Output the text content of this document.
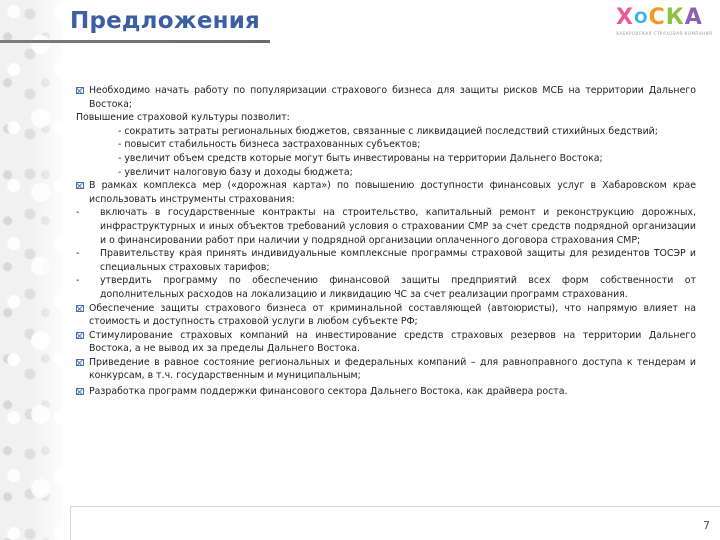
Предложения	Х О С К А
ХАБАРОВСКАЯ СТРАХОВАЯ КОМПАНИЯ
Необходимо начать работу по популяризации страхового бизнеса для защиты рисков МСБ на территории Дальнего Востока;
Повышение страховой культуры позволит:
- сократить затраты региональных бюджетов, связанные с ликвидацией последствий стихийных бедствий;
- повысит стабильность бизнеса застрахованных субъектов;
- увеличит объем средств которые могут быть инвестированы на территории Дальнего Востока;
- увеличит налоговую базу и доходы бюджета;
В рамках комплекса мер («дорожная карта») по повышению доступности финансовых услуг в Хабаровском крае использовать инструменты страхования:
-	включать в государственные контракты на строительство, капитальный ремонт и реконструкцию дорожных, инфраструктурных и иных объектов требований условия о страховании СМР за счет средств подрядной организации и о финансировании работ при наличии у подрядной организации оплаченного договора страхования СМР;
-	Правительству края принять индивидуальные комплексные программы страховой защиты для резидентов ТОСЭР и специальных страховых тарифов;
-	утвердить программу по обеспечению финансовой защиты предприятий всех форм собственности от дополнительных расходов на локализацию и ликвидацию ЧС за счет реализации программ страхования.
Обеспечение защиты страхового бизнеса от криминальной составляющей (автоюристы), что напрямую влияет на стоимость и доступность страховой услуги в любом субъекте РФ;
Стимулирование страховых компаний на инвестирование средств страховых резервов на территории Дальнего Востока, а не вывод их за пределы Дальнего Востока.
Приведение в равное состояние региональных и федеральных компаний – для равноправного доступа к тендерам и конкурсам, в т.ч. государственным и муниципальным;
Разработка программ поддержки финансового сектора Дальнего Востока, как драйвера роста.
7
